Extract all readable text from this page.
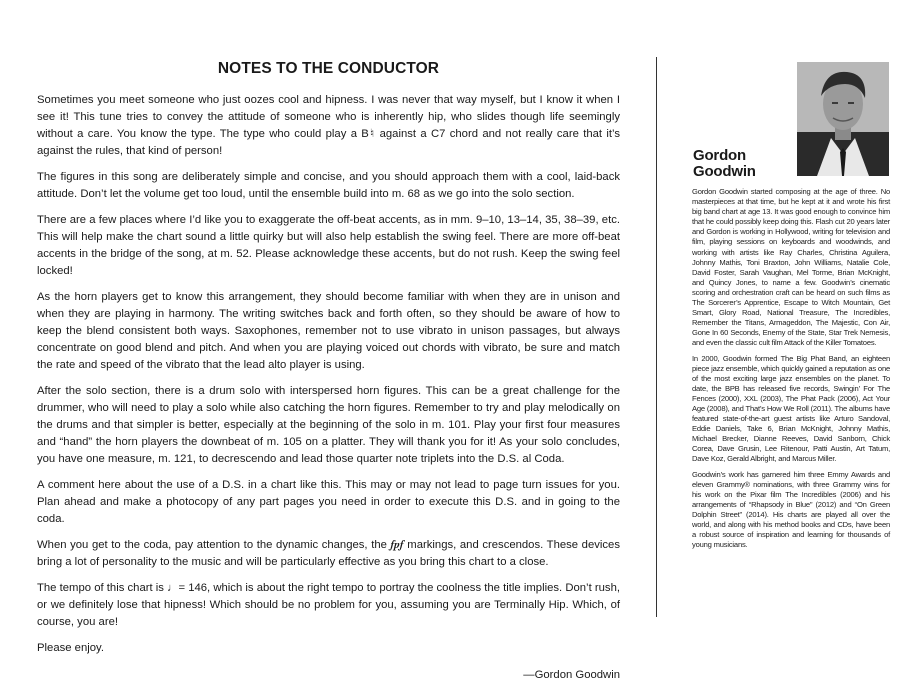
NOTES TO THE CONDUCTOR

Sometimes you meet someone who just oozes cool and hipness. I was never that way myself, but I know it when I see it! This tune tries to convey the attitude of someone who is inherently hip, who slides though life seemingly without a care. You know the type. The type who could play a B♮ against a C7 chord and not really care that it’s against the rules, that kind of person!

The figures in this song are deliberately simple and concise, and you should approach them with a cool, laid-back attitude. Don’t let the volume get too loud, until the ensemble build into m. 68 as we go into the solo section.

There are a few places where I’d like you to exaggerate the off-beat accents, as in mm. 9–10, 13–14, 35, 38–39, etc. This will help make the chart sound a little quirky but will also help establish the swing feel. There are more off-beat accents in the bridge of the song, at m. 52. Please acknowledge these accents, but do not rush. Keep the swing feel locked!

As the horn players get to know this arrangement, they should become familiar with when they are in unison and when they are playing in harmony. The writing switches back and forth often, so they should be aware of how to keep the blend consistent both ways. Saxophones, remember not to use vibrato in unison passages, but always concentrate on good blend and pitch. And when you are playing voiced out chords with vibrato, be sure and match the rate and speed of the vibrato that the lead alto player is using.

After the solo section, there is a drum solo with interspersed horn figures. This can be a great challenge for the drummer, who will need to play a solo while also catching the horn figures. Remember to try and play melodically on the drums and that simpler is better, especially at the beginning of the solo in m. 101. Play your first four measures and “hand” the horn players the downbeat of m. 105 on a platter. They will thank you for it! As your solo concludes, you have one measure, m. 121, to decrescendo and lead those quarter note triplets into the D.S. al Coda.

A comment here about the use of a D.S. in a chart like this. This may or may not lead to page turn issues for you. Plan ahead and make a photocopy of any part pages you need in order to execute this D.S. and in going to the coda.

When you get to the coda, pay attention to the dynamic changes, the 𝆑𝆏𝆑 markings, and crescendos. These devices bring a lot of personality to the music and will be particularly effective as you bring this chart to a close.

The tempo of this chart is ♩= 146, which is about the right tempo to portray the coolness the title implies. Don’t rush, or we definitely lose that hipness! Which should be no problem for you, assuming you are Terminally Hip. Which, of course, you are!

Please enjoy.

—Gordon Goodwin
Gordon
Goodwin

Gordon Goodwin started composing at the age of three. No masterpieces at that time, but he kept at it and wrote his first big band chart at age 13. It was good enough to convince him that he could possibly keep doing this. Flash cut 20 years later and Gordon is working in Hollywood, writing for television and film, playing sessions on keyboards and woodwinds, and working with artists like Ray Charles, Christina Aguilera, Johnny Mathis, Toni Braxton, John Williams, Natalie Cole, David Foster, Sarah Vaughan, Mel Torme, Brian McKnight, and Quincy Jones, to name a few. Goodwin’s cinematic scoring and orchestration craft can be heard on such films as The Sorcerer’s Apprentice, Escape to Witch Mountain, Get Smart, Glory Road, National Treasure, The Incredibles, Remember the Titans, Armageddon, The Majestic, Con Air, Gone In 60 Seconds, Enemy of the State, Star Trek Nemesis, and even the classic cult film Attack of the Killer Tomatoes.

In 2000, Goodwin formed The Big Phat Band, an eighteen piece jazz ensemble, which quickly gained a reputation as one of the most exciting large jazz ensembles on the planet. To date, the BPB has released five records, Swingin’ For The Fences (2000), XXL (2003), The Phat Pack (2006), Act Your Age (2008), and That’s How We Roll (2011). The albums have featured state-of-the-art guest artists like Arturo Sandoval, Eddie Daniels, Take 6, Brian McKnight, Johnny Mathis, Michael Brecker, Dianne Reeves, David Sanborn, Chick Corea, Dave Grusin, Lee Ritenour, Patti Austin, Art Tatum, Dave Koz, Gerald Albright, and Marcus Miller.

Goodwin’s work has garnered him three Emmy Awards and eleven Grammy® nominations, with three Grammy wins for his work on the Pixar film The Incredibles (2006) and his arrangements of “Rhapsody in Blue” (2012) and “On Green Dolphin Street” (2014). His charts are played all over the world, and along with his method books and CDs, have been a robust source of inspiration and learning for thousands of young musicians.
